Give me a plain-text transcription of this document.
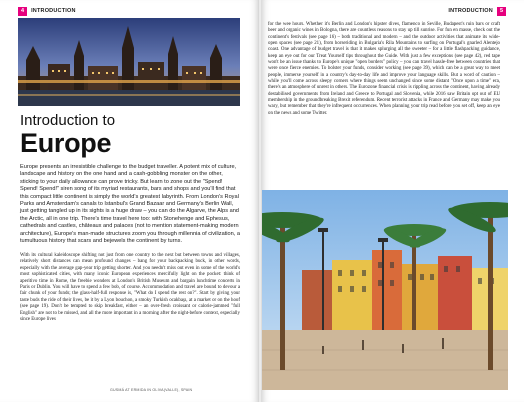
4	INTRODUCTION
Introduction to
Europe

Europe presents an irresistible challenge to the budget traveller. A potent mix of culture, landscape and history on the one hand and a cash-gobbling monster on the other, sticking to your daily allowance can prove tricky. But learn to zone out the "Spend! Spend! Spend!" siren song of its myriad restaurants, bars and shops and you'll find that this compact little continent is simply the world's greatest labyrinth. From London's Royal Parks and Amsterdam's canals to Istanbul's Grand Bazaar and Germany's Berlin Wall, just getting tangled up in its sights is a huge draw – you can do the Algarve, the Alps and the Arctic, all in one trip. There's time travel here too: with Stonehenge and Ephesus, cathedrals and castles, châteaux and palaces (not to mention statement-making modern architecture), Europe's man-made structures zoom you through millennia of civilization, a tumultuous history that scars and bejewels the continent by turns.

With its cultural kaleidoscope shifting not just from one country to the next but between towns and villages, relatively short distances can mean profound changes – bang for your backpacking buck, in other words, especially with the average gap-year trip getting shorter. And you needn't miss out even in some of the world's most sophisticated cities, with many iconic European experiences mercifully light on the pocket: think of aperitivo time in Rome, the freebie wonders at London's British Museum and bargain lunchtime concerts in Paris or Dublin. You will have to spend a few bob, of course. Accommodation and travel are bound to devour a fair chunk of your funds; the glass-half-full response is, "What do I spend the rest on?". Start by giving your taste buds the ride of their lives, be it by a Lyon bouchon, a smoky Turkish ocakbaşı, at a market or on the hoof (see page 19). Don't be tempted to skip breakfast, either – an over-fresh croissant or calorie-jammed "full English" are not to be missed, and all the more important in a morning after the night-before context, especially since Europe lives

GUSMÁ AT ERMIDA IN OLIVA(VALLE), SPAIN
INTRODUCTION	5

for the wee hours. Whether it's Berlin and London's hipster dives, flamenco in Seville, Budapest's ruin bars or craft beer and organic wines in Bologna, there are countless reasons to stay up till sunrise. For fun en masse, check out the continent's festivals (see page 16) – both traditional and modern – and the outdoor activities that animate its wide-open spaces (see page 21), from horseriding in Bulgaria's Rila Mountains to surfing on Portugal's gnarled Alentejo coast. One advantage of budget travel is that it makes splurging all the sweeter – for a little flashpacking guidance, keep an eye out for our Treat Yourself tips throughout the Guide. With just a few exceptions (see page 42), red tape won't be an issue thanks to Europe's unique "open borders" policy – you can travel hassle-free between countries that were once fierce enemies. To bolster your funds, consider working (see page 39), which can be a great way to meet people, immerse yourself in a country's day-to-day life and improve your language skills. But a word of caution – while you'll come across sleepy corners where things seem unchanged since some distant "Once upon a time" era, there's an atmosphere of unrest in others. The Eurozone financial crisis is rippling across the continent, having already destabilised governments from Ireland and Greece to Portugal and Slovenia, while 2016 saw Britain opt out of EU membership in the groundbreaking Brexit referendum. Recent terrorist attacks in France and Germany may make you wary, but remember that they're infrequent occurrences. When planning your trip read before you set off, keep an eye on the news and some Twitter.
